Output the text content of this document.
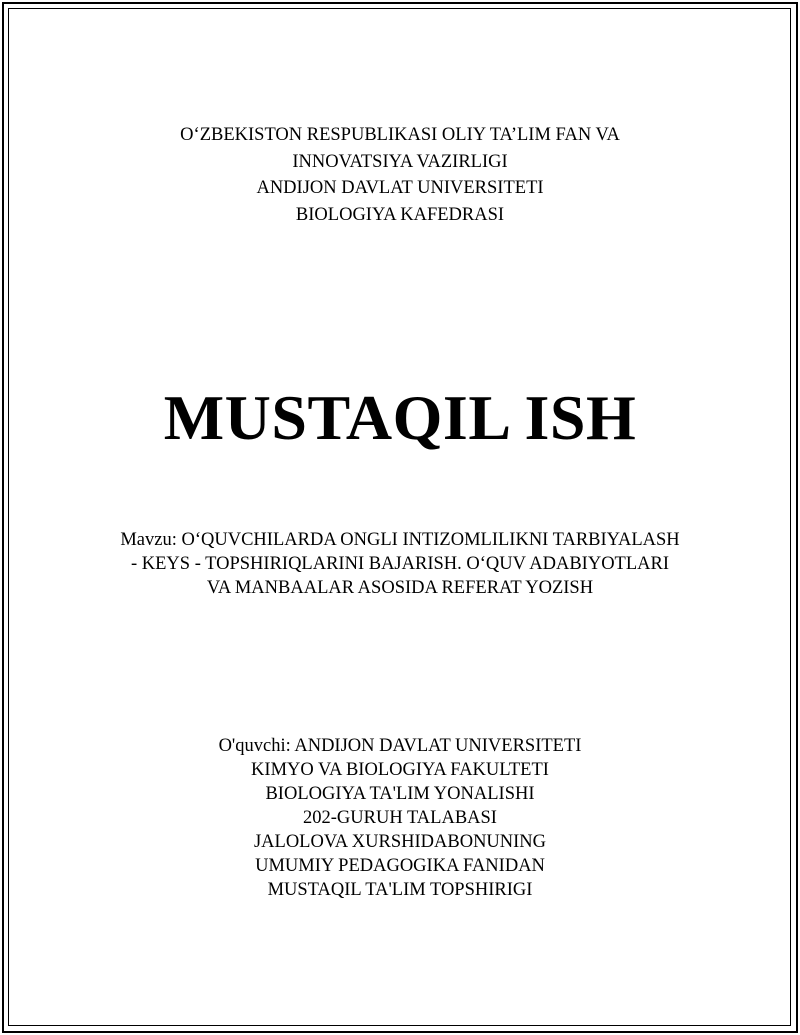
O‘ZBEKISTON RESPUBLIKASI OLIY TA’LIM FAN VA
INNOVATSIYA VAZIRLIGI
ANDIJON DAVLAT UNIVERSITETI
BIOLOGIYA KAFEDRASI
MUSTAQIL ISH
Mavzu: O‘QUVCHILARDA ONGLI INTIZOMLILIKNI TARBIYALASH
- KEYS - TOPSHIRIQLARINI BAJARISH. O‘QUV ADABIYOTLARI
VA MANBAALAR ASOSIDA REFERAT YOZISH
O'quvchi: ANDIJON DAVLAT UNIVERSITETI
KIMYO VA BIOLOGIYA FAKULTETI
BIOLOGIYA TA'LIM YONALISHI
202-GURUH TALABASI
JALOLOVA XURSHIDABONUNING
UMUMIY PEDAGOGIKA FANIDAN
MUSTAQIL TA'LIM TOPSHIRIGI
